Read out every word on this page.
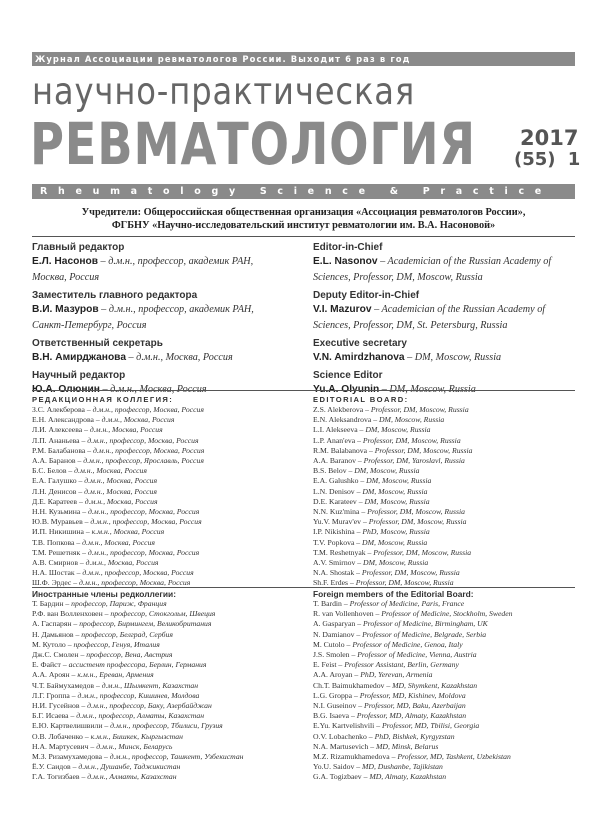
Журнал Ассоциации ревматологов России. Выходит 6 раз в год
научно-практическая
РЕВМАТОЛОГИЯ 2017
(55) 1
Rheumatology Science & Practice
Учредители: Общероссийская общественная организация «Ассоциация ревматологов России»,
ФГБНУ «Научно-исследовательский институт ревматологии им. В.А. Насоновой»
Главный редактор
Е.Л. Насонов – д.м.н., профессор, академик РАН,
Москва, Россия
Заместитель главного редактора
В.И. Мазуров – д.м.н., профессор, академик РАН,
Санкт-Петербург, Россия
Ответственный секретарь
В.Н. Амирджанова – д.м.н., Москва, Россия
Научный редактор
Ю.А. Олюнин – д.м.н., Москва, Россия
Editor-in-Chief
E.L. Nasonov – Academician of the Russian Academy of
Sciences, Professor, DM, Moscow, Russia
Deputy Editor-in-Chief
V.I. Mazurov – Academician of the Russian Academy of
Sciences, Professor, DM, St. Petersburg, Russia
Executive secretary
V.N. Amirdzhanova – DM, Moscow, Russia
Science Editor
Yu.A. Olyunin – DM, Moscow, Russia
РЕДАКЦИОННАЯ КОЛЛЕГИЯ:
З.С. Алекберова – д.м.н., профессор, Москва, Россия
Е.Н. Александрова – д.м.н., Москва, Россия
Л.И. Алексеева – д.м.н., Москва, Россия
Л.П. Ананьева – д.м.н., профессор, Москва, Россия
Р.М. Балабанова – д.м.н., профессор, Москва, Россия
А.А. Баранов – д.м.н., профессор, Ярославль, Россия
Б.С. Белов – д.м.н., Москва, Россия
Е.А. Галушко – д.м.н., Москва, Россия
Л.Н. Денисов – д.м.н., Москва, Россия
Д.Е. Каратеев – д.м.н., Москва, Россия
Н.Н. Кузьмина – д.м.н., профессор, Москва, Россия
Ю.В. Муравьев – д.м.н., профессор, Москва, Россия
И.П. Никишина – к.м.н., Москва, Россия
Т.В. Попкова – д.м.н., Москва, Россия
Т.М. Решетняк – д.м.н., профессор, Москва, Россия
А.В. Смирнов – д.м.н., Москва, Россия
Н.А. Шостак – д.м.н., профессор, Москва, Россия
Ш.Ф. Эрдес – д.м.н., профессор, Москва, Россия
EDITORIAL BOARD:
Z.S. Alekberova – Professor, DM, Moscow, Russia
E.N. Aleksandrova – DM, Moscow, Russia
L.I. Alekseeva – DM, Moscow, Russia
L.P. Anan'eva – Professor, DM, Moscow, Russia
R.M. Balabanova – Professor, DM, Moscow, Russia
A.A. Baranov – Professor, DM, Yaroslavl, Russia
B.S. Belov – DM, Moscow, Russia
E.A. Galushko – DM, Moscow, Russia
L.N. Denisov – DM, Moscow, Russia
D.E. Karateev – DM, Moscow, Russia
N.N. Kuz'mina – Professor, DM, Moscow, Russia
Yu.V. Murav'ev – Professor, DM, Moscow, Russia
I.P. Nikishina – PhD, Moscow, Russia
T.V. Popkova – DM, Moscow, Russia
T.M. Reshetnyak – Professor, DM, Moscow, Russia
A.V. Smirnov – DM, Moscow, Russia
N.A. Shostak – Professor, DM, Moscow, Russia
Sh.F. Erdes – Professor, DM, Moscow, Russia
Иностранные члены редколлегии:
Т. Бардин – профессор, Париж, Франция
Р.Ф. ван Волленховен – профессор, Стокгольм, Швеция
А. Гаспарян – профессор, Бирмингем, Великобритания
Н. Дамьянов – профессор, Белград, Сербия
М. Кутоло – профессор, Генуя, Италия
Дж.С. Смолен – профессор, Вена, Австрия
Е. Файст – ассистент профессора, Берлин, Германия
А.А. Ароян – к.м.н., Ереван, Армения
Ч.Т. Баймухамедов – д.м.н., Шымкент, Казахстан
Л.Г. Гроппа – д.м.н., профессор, Кишинев, Молдова
Н.И. Гусейнов – д.м.н., профессор, Баку, Азербайджан
Б.Г. Исаева – д.м.н., профессор, Алматы, Казахстан
Е.Ю. Картвелишвили – д.м.н., профессор, Тбилиси, Грузия
О.В. Лобаченко – к.м.н., Бишкек, Кыргызстан
Н.А. Мартусевич – д.м.н., Минск, Беларусь
М.З. Ризамухамедова – д.м.н., профессор, Ташкент, Узбекистан
Ё.У. Саидов – д.м.н., Душанбе, Таджикистан
Г.А. Тогизбаев – д.м.н., Алматы, Казахстан
Foreign members of the Editorial Board:
T. Bardin – Professor of Medicine, Paris, France
R. van Vollenhoven – Professor of Medicine, Stockholm, Sweden
A. Gasparyan – Professor of Medicine, Birmingham, UK
N. Damianov – Professor of Medicine, Belgrade, Serbia
M. Cutolo – Professor of Medicine, Genoa, Italy
J.S. Smolen – Professor of Medicine, Vienna, Austria
E. Feist – Professor Assistant, Berlin, Germany
A.A. Aroyan – PhD, Yerevan, Armenia
Ch.T. Baimukhamedov – MD, Shymkent, Kazakhstan
L.G. Groppa – Professor, MD, Kishinev, Moldova
N.I. Guseinov – Professor, MD, Baku, Azerbaijan
B.G. Isaeva – Professor, MD, Almaty, Kazakhstan
E.Yu. Kartvelishvili – Professor, MD, Tbilisi, Georgia
O.V. Lobachenko – PhD, Bishkek, Kyrgyzstan
N.A. Martusevich – MD, Minsk, Belarus
M.Z. Rizamukhamedova – Professor, MD, Tashkent, Uzbekistan
Yo.U. Saidov – MD, Dushanbe, Tajikistan
G.A. Togizbaev – MD, Almaty, Kazakhstan
